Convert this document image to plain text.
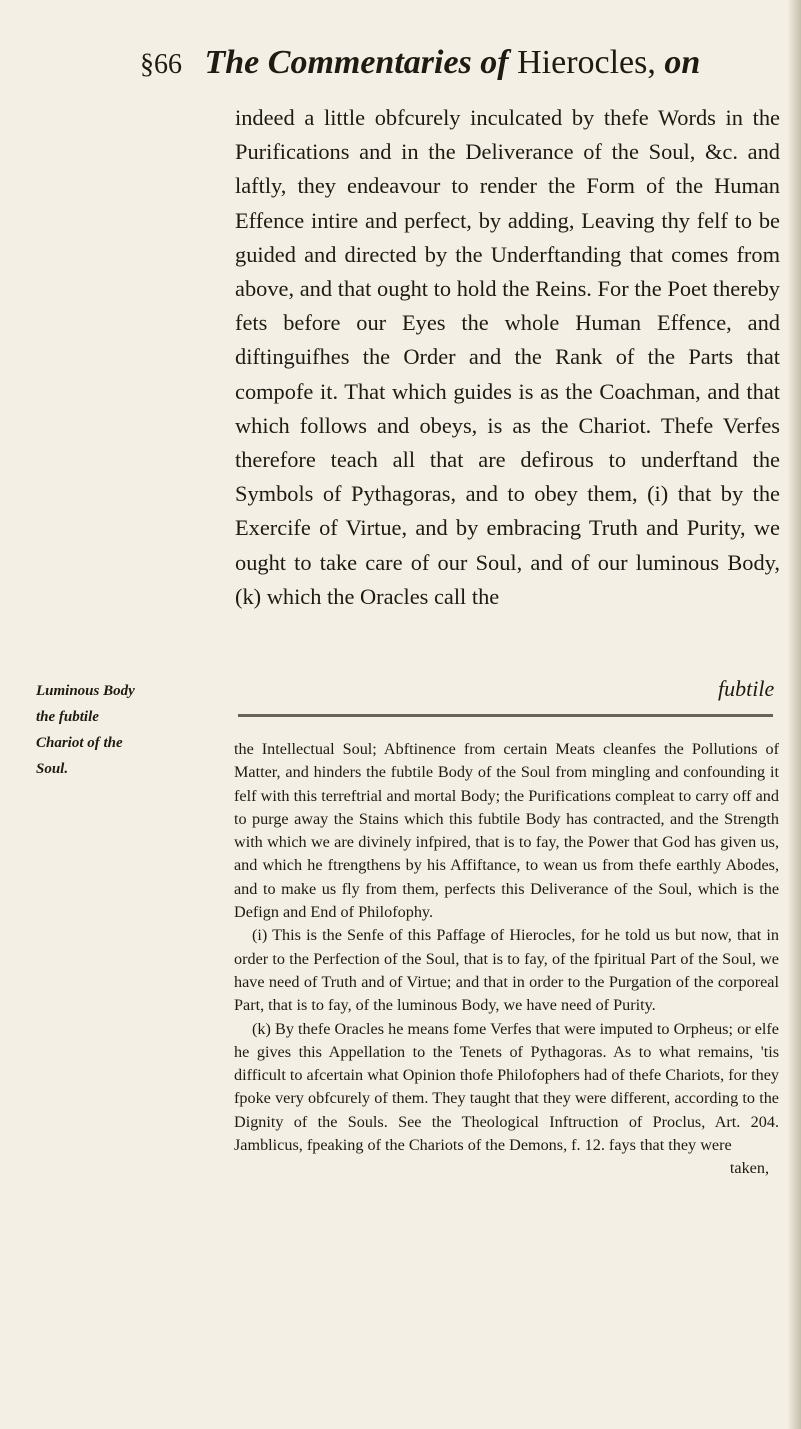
§66 The Commentaries of Hierocles, on

indeed a little obfcurely inculcated by thefe Words in the Purifications and in the Deliverance of the Soul, &c. and laftly, they endeavour to render the Form of the Human Effence intire and perfect, by adding, Leaving thy felf to be guided and directed by the Underftanding that comes from above, and that ought to hold the Reins. For the Poet thereby fets before our Eyes the whole Human Effence, and diftinguifhes the Order and the Rank of the Parts that compofe it. That which guides is as the Coachman, and that which follows and obeys, is as the Chariot. Thefe Verfes therefore teach all that are defirous to underftand the Symbols of Pythagoras, and to obey them, (i) that by the Exercife of Virtue, and by embracing Truth and Purity, we ought to take care of our Soul, and of our luminous Body, (k) which the Oracles call the

fubtile
Luminous Body the fubtile Chariot of the Soul.

the Intellectual Soul; Abftinence from certain Meats cleanfes the Pollutions of Matter, and hinders the fubtile Body of the Soul from mingling and confounding it felf with this terreftrial and mortal Body; the Purifications compleat to carry off and to purge away the Stains which this fubtile Body has contracted, and the Strength with which we are divinely infpired, that is to fay, the Power that God has given us, and which he ftrengthens by his Affiftance, to wean us from thefe earthly Abodes, and to make us fly from them, perfects this Deliverance of the Soul, which is the Defign and End of Philofophy.

(i) This is the Senfe of this Paffage of Hierocles, for he told us but now, that in order to the Perfection of the Soul, that is to fay, of the fpiritual Part of the Soul, we have need of Truth and of Virtue; and that in order to the Purgation of the corporeal Part, that is to fay, of the luminous Body, we have need of Purity.

(k) By thefe Oracles he means fome Verfes that were imputed to Orpheus; or elfe he gives this Appellation to the Tenets of Pythagoras. As to what remains, 'tis difficult to afcertain what Opinion thofe Philofophers had of thefe Chariots, for they fpoke very obfcurely of them. They taught that they were different, according to the Dignity of the Souls. See the Theological Inftruction of Proclus, Art. 204. Jamblicus, fpeaking of the Chariots of the Demons, f. 12. fays that they were

taken,
